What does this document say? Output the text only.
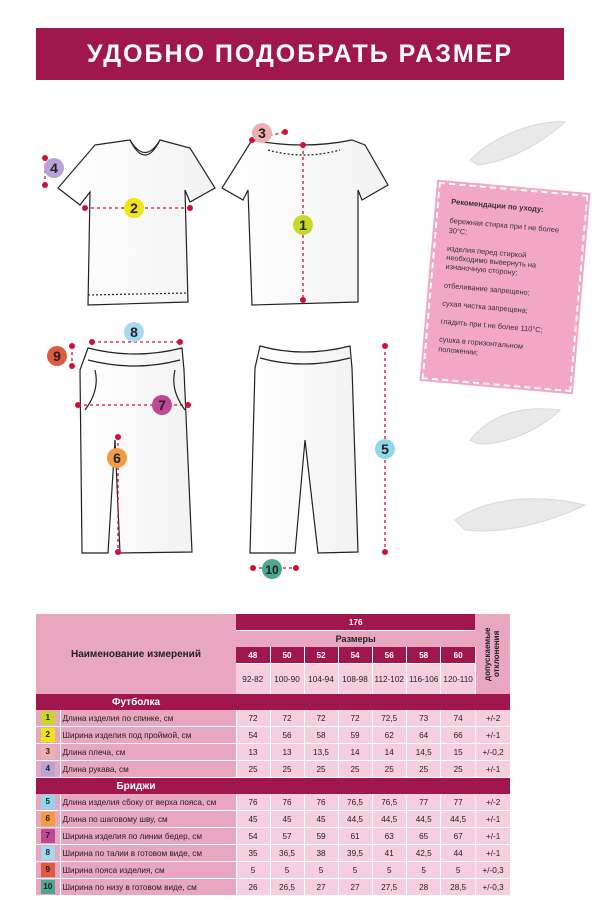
УДОБНО ПОДОБРАТЬ РАЗМЕР
1
2
3
4
5
6
7
8
9
10
Рекомендации по уходу:
бережная стирка при t не более 30°С;
изделия перед стиркой необходимо вывернуть на изнаночную сторону;
отбеливание запрещено;
сухая чистка запрещена;
гладить при t не более 110°С;
сушка в горизонтальном положении;
Наименование измерений		176							допускаемые отклонения

		Размеры							
		48	50	52	54	56	58	60	
		92-82	100-90	104-94	108-98	112-102	116-106	120-110	
Футболка									
1	Длина изделия по спинке, см	72	72	72	72	72,5	73	74	+/-2
2	Ширина изделия под проймой, см	54	56	58	59	62	64	66	+/-1
3	Длина плеча, см	13	13	13,5	14	14	14,5	15	+/-0,2
4	Длина рукава, см	25	25	25	25	25	25	25	+/-1
Бриджи									
5	Длина изделия сбоку от верха пояса, см	76	76	76	76,5	76,5	77	77	+/-2
6	Длина по шаговому шву, см	45	45	45	44,5	44,5	44,5	44,5	+/-1
7	Ширина изделия по линии бедер, см	54	57	59	61	63	65	67	+/-1
8	Ширина по талии в готовом виде, см	35	36,5	38	39,5	41	42,5	44	+/-1
9	Ширина пояса изделия, см	5	5	5	5	5	5	5	+/-0,3
10	Ширина по низу в готовом виде, см	26	26,5	27	27	27,5	28	28,5	+/-0,3
